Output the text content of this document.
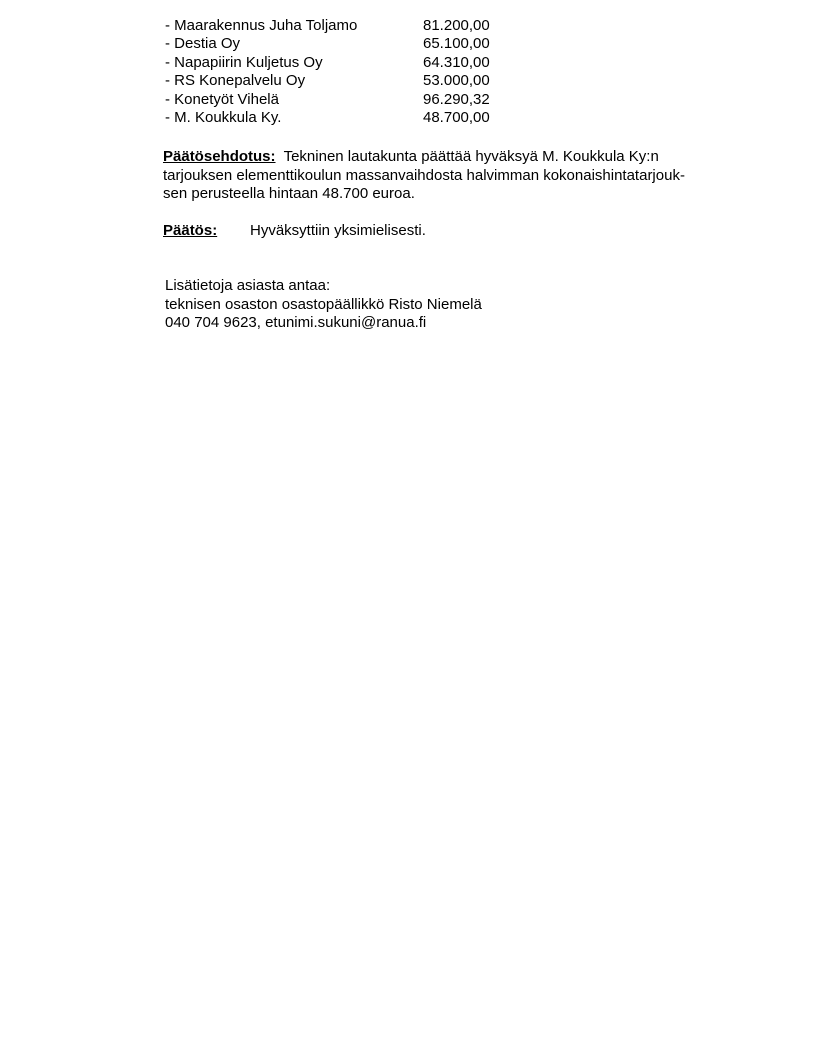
- Maarakennus Juha Toljamo	81.200,00
- Destia Oy	65.100,00
- Napapiirin Kuljetus Oy	64.310,00
- RS Konepalvelu Oy	53.000,00
- Konetyöt Vihelä	96.290,32
- M. Koukkula Ky.	48.700,00
Päätösehdotus: Tekninen lautakunta päättää hyväksyä M. Koukkula Ky:n
tarjouksen elementtikoulun massanvaihdosta halvimman kokonaishintatarjouk-
sen perusteella hintaan 48.700 euroa.
Päätös: Hyväksyttiin yksimielisesti.
Lisätietoja asiasta antaa:
teknisen osaston osastopäällikkö Risto Niemelä
040 704 9623, etunimi.sukuni@ranua.fi
